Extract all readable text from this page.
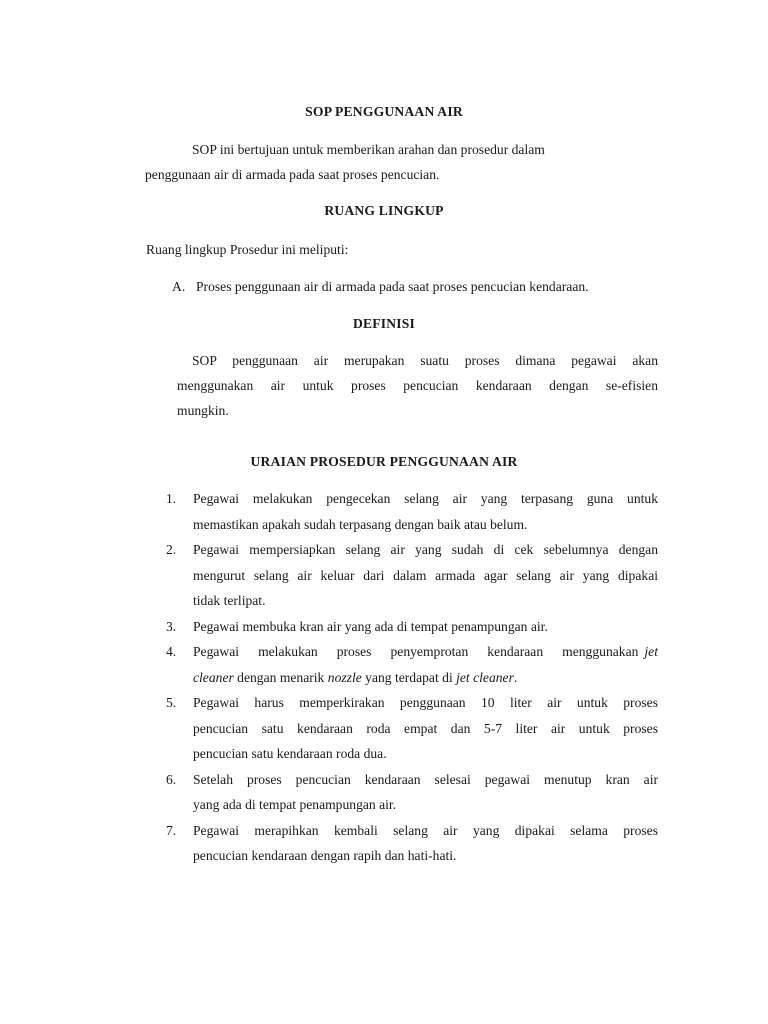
SOP PENGGUNAAN AIR

SOP ini bertujuan untuk memberikan arahan dan prosedur dalam

penggunaan air di armada pada saat proses pencucian.

RUANG LINGKUP

Ruang lingkup Prosedur ini meliputi:

A. Proses penggunaan air di armada pada saat proses pencucian kendaraan.

DEFINISI
SOP penggunaan air merupakan suatu proses dimana pegawai akan
menggunakan air untuk proses pencucian kendaraan dengan se-efisien
mungkin.
URAIAN PROSEDUR PENGGUNAAN AIR
1. Pegawai melakukan pengecekan selang air yang terpasang guna untuk
memastikan apakah sudah terpasang dengan baik atau belum.
2. Pegawai mempersiapkan selang air yang sudah di cek sebelumnya dengan
mengurut selang air keluar dari dalam armada agar selang air yang dipakai
tidak terlipat.
3. Pegawai membuka kran air yang ada di tempat penampungan air.
4. Pegawai melakukan proses penyemprotan kendaraan menggunakan jet
cleaner dengan menarik nozzle yang terdapat di jet cleaner.
5. Pegawai harus memperkirakan penggunaan 10 liter air untuk proses
pencucian satu kendaraan roda empat dan 5-7 liter air untuk proses
pencucian satu kendaraan roda dua.
6. Setelah proses pencucian kendaraan selesai pegawai menutup kran air
yang ada di tempat penampungan air.
7. Pegawai merapihkan kembali selang air yang dipakai selama proses
pencucian kendaraan dengan rapih dan hati-hati.
